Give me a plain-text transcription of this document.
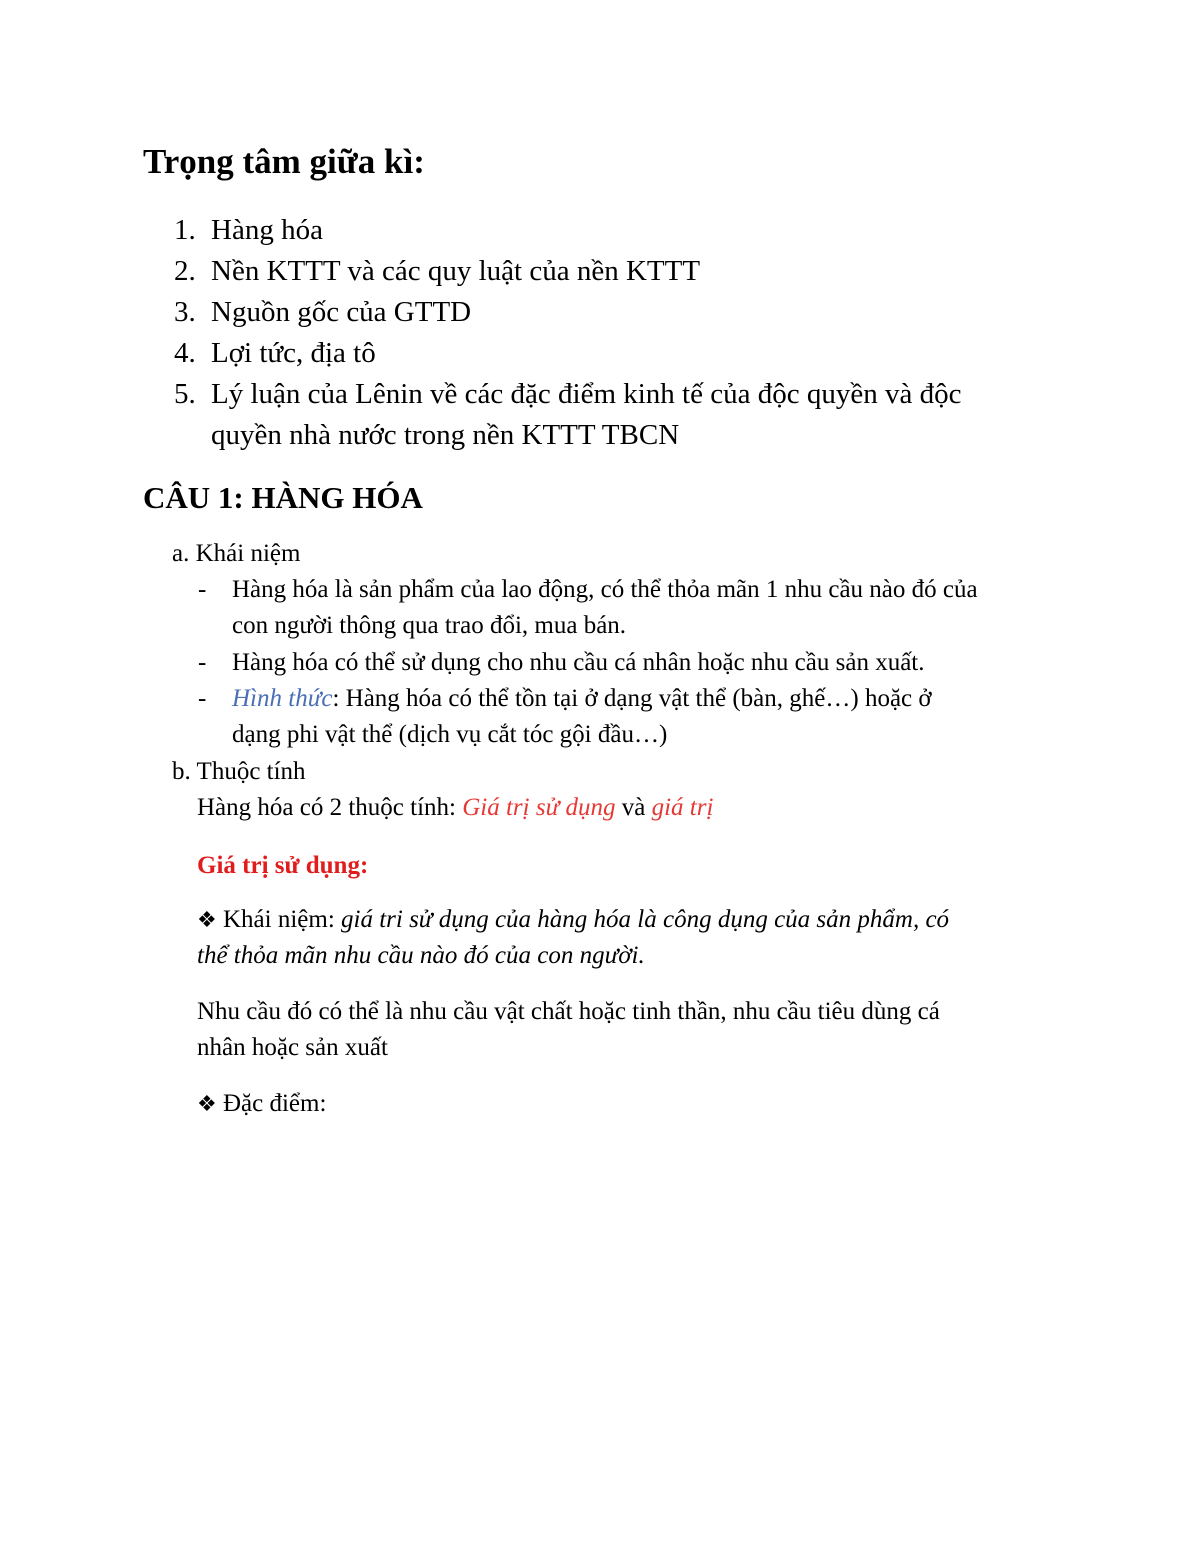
Trọng tâm giữa kì:
1. Hàng hóa
2. Nền KTTT và các quy luật của nền KTTT
3. Nguồn gốc của GTTD
4. Lợi tức, địa tô
5. Lý luận của Lênin về các đặc điểm kinh tế của độc quyền và độc
quyền nhà nước trong nền KTTT TBCN
CÂU 1: HÀNG HÓA
a. Khái niệm
- Hàng hóa là sản phẩm của lao động, có thể thỏa mãn 1 nhu cầu nào đó của
con người thông qua trao đổi, mua bán.
- Hàng hóa có thể sử dụng cho nhu cầu cá nhân hoặc nhu cầu sản xuất.
- Hình thức: Hàng hóa có thể tồn tại ở dạng vật thể (bàn, ghế…) hoặc ở
dạng phi vật thể (dịch vụ cắt tóc gội đầu…)
b. Thuộc tính
Hàng hóa có 2 thuộc tính: Giá trị sử dụng và giá trị
Giá trị sử dụng:
❖ Khái niệm: giá tri sử dụng của hàng hóa là công dụng của sản phẩm, có
thể thỏa mãn nhu cầu nào đó của con người.
Nhu cầu đó có thể là nhu cầu vật chất hoặc tinh thần, nhu cầu tiêu dùng cá
nhân hoặc sản xuất
❖ Đặc điểm:
